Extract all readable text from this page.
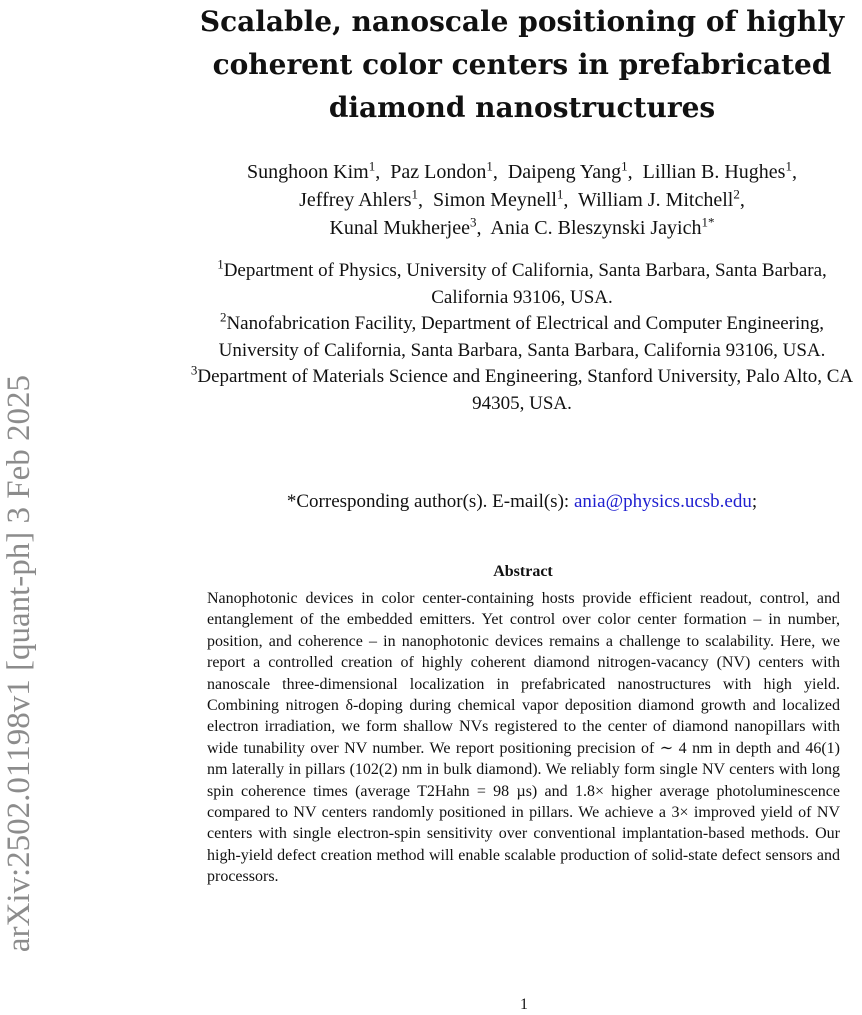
arXiv:2502.01198v1 [quant-ph] 3 Feb 2025
Scalable, nanoscale positioning of highly coherent color centers in prefabricated diamond nanostructures
Sunghoon Kim$^1$,  Paz London$^1$,  Daipeng Yang$^1$,  Lillian B. Hughes$^1$,
Jeffrey Ahlers$^1$,  Simon Meynell$^1$,  William J. Mitchell$^2$,
Kunal Mukherjee$^3$,  Ania C. Bleszynski Jayich$^{1*}$
$^1$Department of Physics, University of California, Santa Barbara, Santa Barbara, California 93106, USA.
$^2$Nanofabrication Facility, Department of Electrical and Computer Engineering, University of California, Santa Barbara, Santa Barbara, California 93106, USA.
$^3$Department of Materials Science and Engineering, Stanford University, Palo Alto, CA 94305, USA.
*Corresponding author(s). E-mail(s): ania@physics.ucsb.edu;
Abstract

Nanophotonic devices in color center-containing hosts provide efficient readout, control, and entanglement of the embedded emitters. Yet control over color center formation – in number, position, and coherence – in nanophotonic devices remains a challenge to scalability. Here, we report a controlled creation of highly coherent diamond nitrogen-vacancy (NV) centers with nanoscale three-dimensional localization in prefabricated nanostructures with high yield. Combining nitrogen δ-doping during chemical vapor deposition diamond growth and localized electron irradiation, we form shallow NVs registered to the center of diamond nanopillars with wide tunability over NV number. We report positioning precision of ∼ 4 nm in depth and 46(1) nm laterally in pillars (102(2) nm in bulk diamond). We reliably form single NV centers with long spin coherence times (average T2Hahn = 98 µs) and 1.8× higher average photoluminescence compared to NV centers randomly positioned in pillars. We achieve a 3× improved yield of NV centers with single electron-spin sensitivity over conventional implantation-based methods. Our high-yield defect creation method will enable scalable production of solid-state defect sensors and processors.

1
